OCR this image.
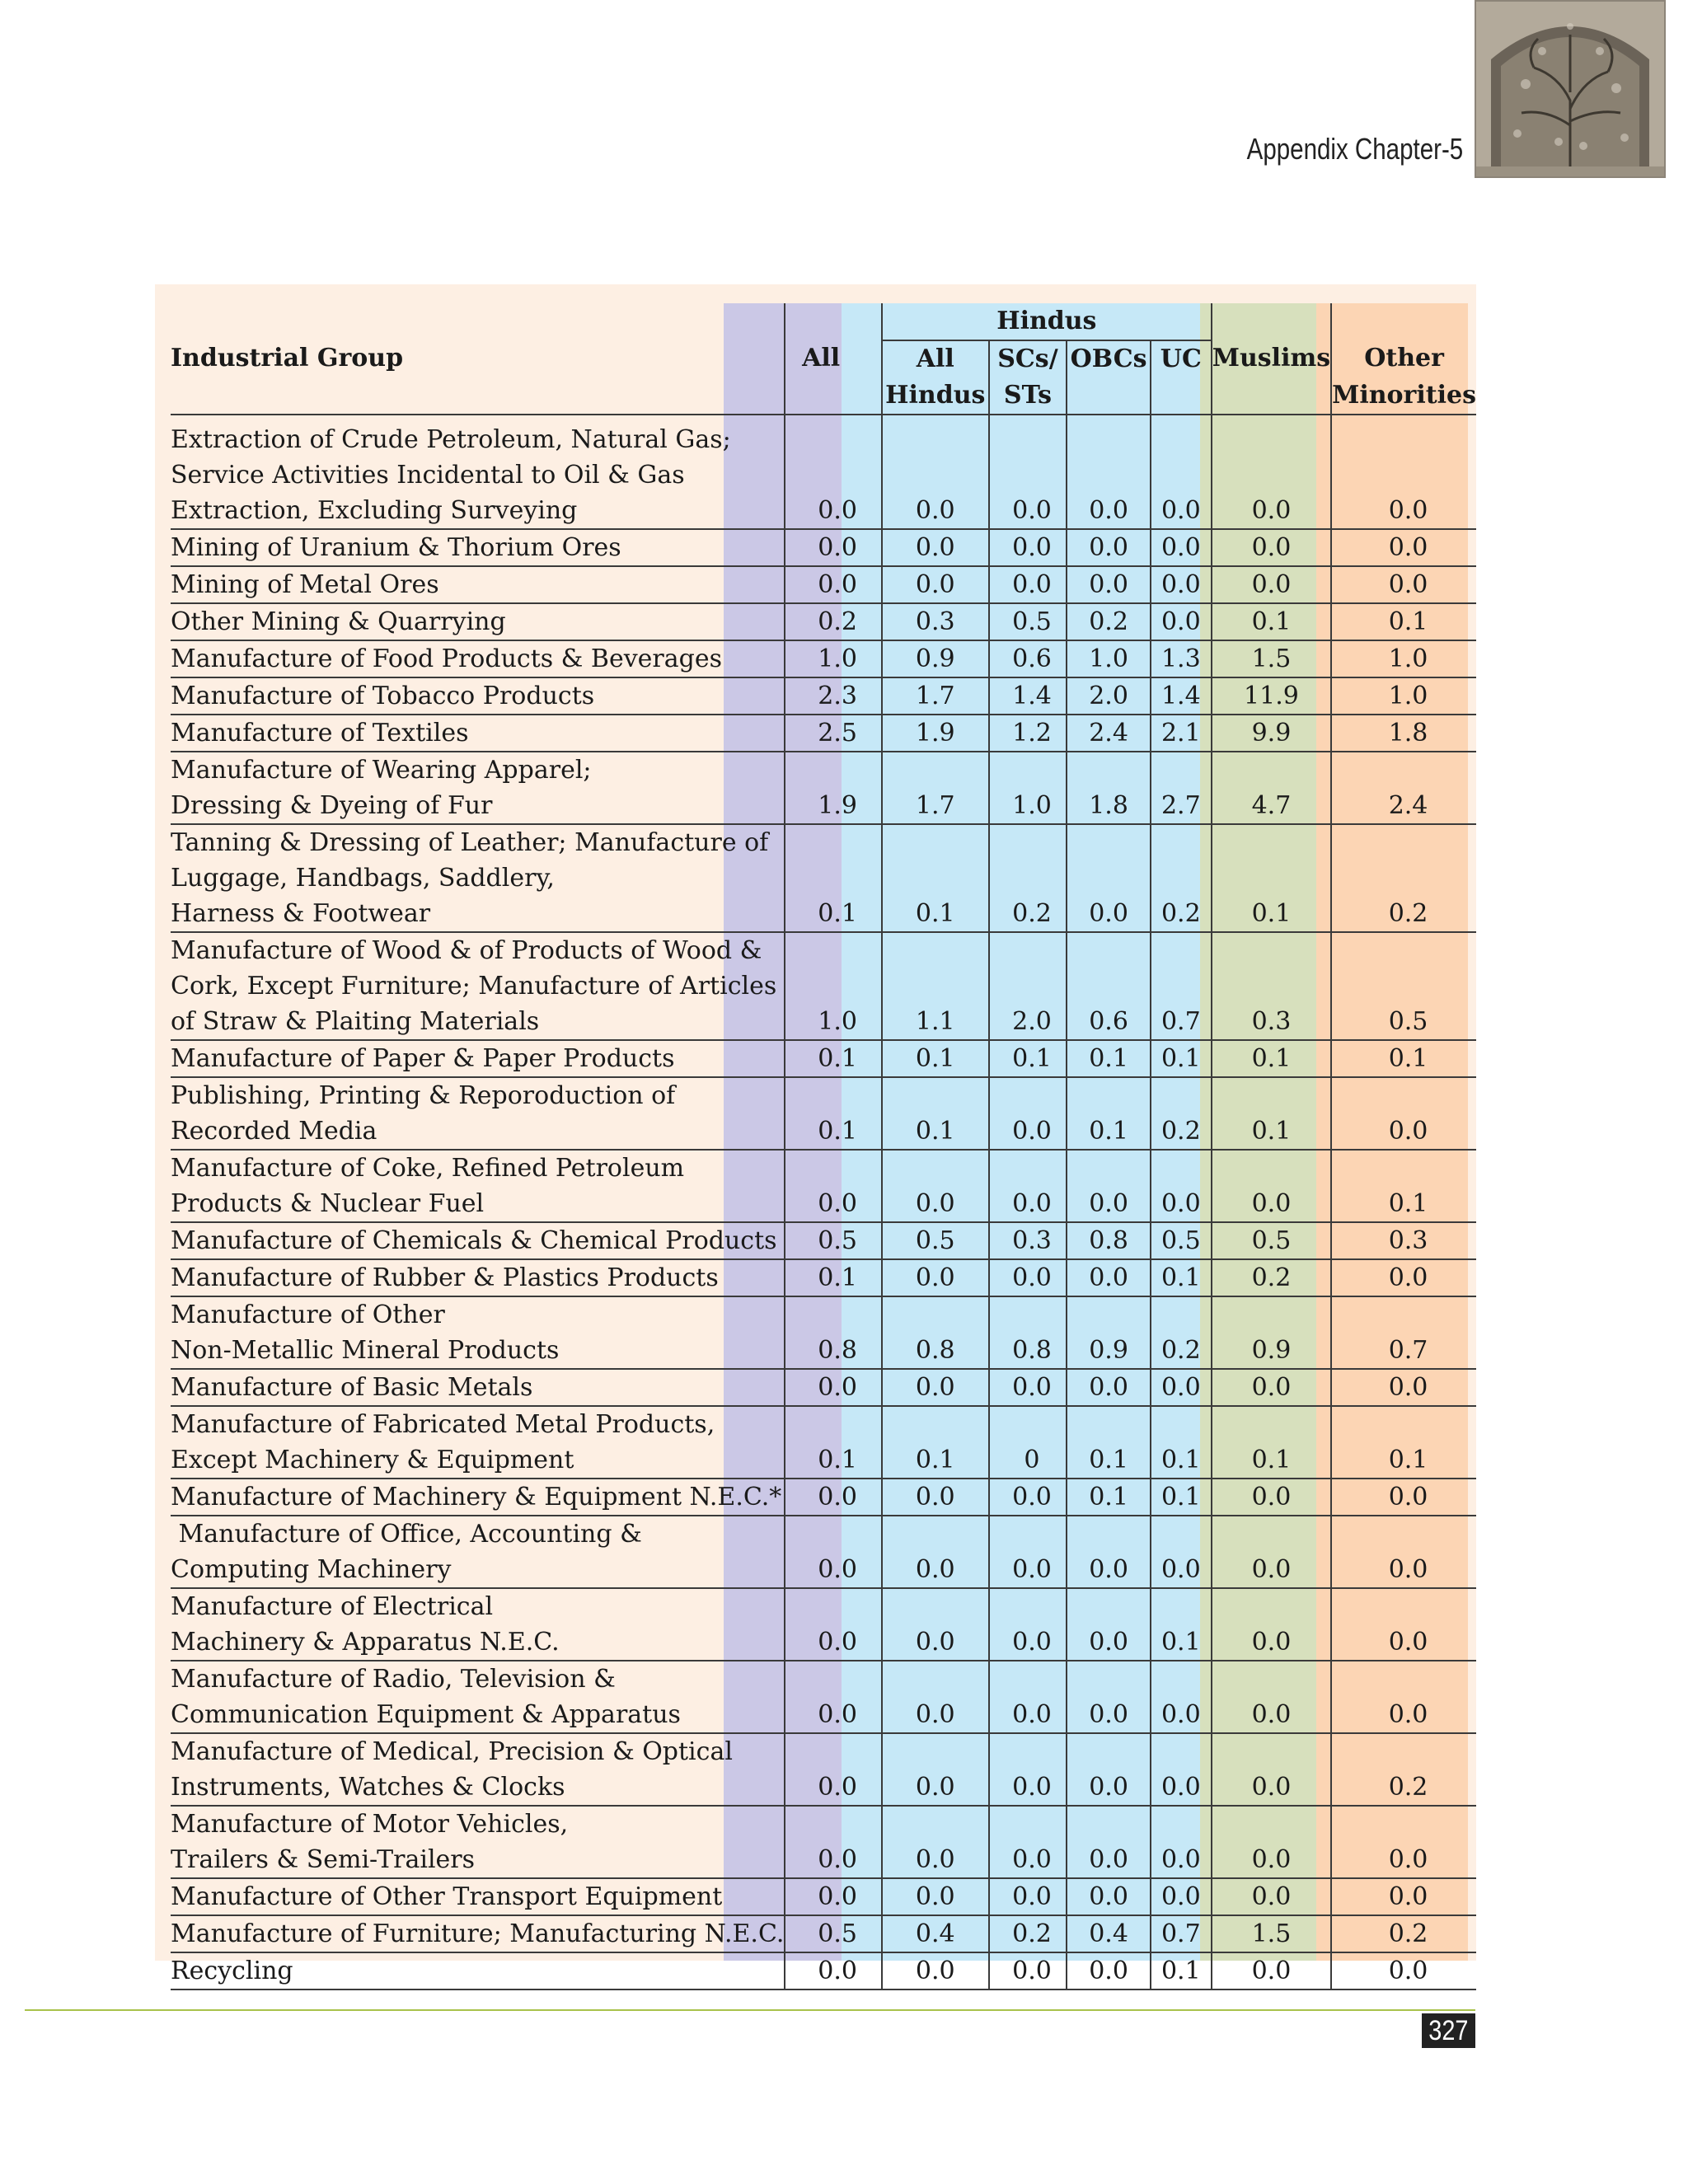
Appendix Chapter-5
		Hindus					
Industrial Group	All	All	SCs/	OBCs	UC	Muslims	Other
		Hindus	STs				Minorities

Extraction of Crude Petroleum, Natural Gas;
Service Activities Incidental to Oil & Gas
Extraction, Excluding Surveying	0.0	0.0	0.0	0.0	0.0	0.0	0.0

Mining of Uranium & Thorium Ores	0.0	0.0	0.0	0.0	0.0	0.0	0.0

Mining of Metal Ores	0.0	0.0	0.0	0.0	0.0	0.0	0.0

Other Mining & Quarrying	0.2	0.3	0.5	0.2	0.0	0.1	0.1

Manufacture of Food Products & Beverages	1.0	0.9	0.6	1.0	1.3	1.5	1.0

Manufacture of Tobacco Products	2.3	1.7	1.4	2.0	1.4	11.9	1.0

Manufacture of Textiles	2.5	1.9	1.2	2.4	2.1	9.9	1.8

Manufacture of Wearing Apparel;
Dressing & Dyeing of Fur	1.9	1.7	1.0	1.8	2.7	4.7	2.4

Tanning & Dressing of Leather; Manufacture of
Luggage, Handbags, Saddlery,
Harness & Footwear	0.1	0.1	0.2	0.0	0.2	0.1	0.2

Manufacture of Wood & of Products of Wood &
Cork, Except Furniture; Manufacture of Articles
of Straw & Plaiting Materials	1.0	1.1	2.0	0.6	0.7	0.3	0.5

Manufacture of Paper & Paper Products	0.1	0.1	0.1	0.1	0.1	0.1	0.1

Publishing, Printing & Reporoduction of
Recorded Media	0.1	0.1	0.0	0.1	0.2	0.1	0.0

Manufacture of Coke, Refined Petroleum
Products & Nuclear Fuel	0.0	0.0	0.0	0.0	0.0	0.0	0.1

Manufacture of Chemicals & Chemical Products	0.5	0.5	0.3	0.8	0.5	0.5	0.3

Manufacture of Rubber & Plastics Products	0.1	0.0	0.0	0.0	0.1	0.2	0.0

Manufacture of Other
Non-Metallic Mineral Products	0.8	0.8	0.8	0.9	0.2	0.9	0.7

Manufacture of Basic Metals	0.0	0.0	0.0	0.0	0.0	0.0	0.0

Manufacture of Fabricated Metal Products,
Except Machinery & Equipment	0.1	0.1	0	0.1	0.1	0.1	0.1

Manufacture of Machinery & Equipment N.E.C.*	0.0	0.0	0.0	0.1	0.1	0.0	0.0

Manufacture of Office, Accounting &
Computing Machinery	0.0	0.0	0.0	0.0	0.0	0.0	0.0

Manufacture of Electrical
Machinery & Apparatus N.E.C.	0.0	0.0	0.0	0.0	0.1	0.0	0.0

Manufacture of Radio, Television &
Communication Equipment & Apparatus	0.0	0.0	0.0	0.0	0.0	0.0	0.0

Manufacture of Medical, Precision & Optical
Instruments, Watches & Clocks	0.0	0.0	0.0	0.0	0.0	0.0	0.2

Manufacture of Motor Vehicles,
Trailers & Semi-Trailers	0.0	0.0	0.0	0.0	0.0	0.0	0.0

Manufacture of Other Transport Equipment	0.0	0.0	0.0	0.0	0.0	0.0	0.0

Manufacture of Furniture; Manufacturing N.E.C.	0.5	0.4	0.2	0.4	0.7	1.5	0.2

Recycling	0.0	0.0	0.0	0.0	0.1	0.0	0.0
327
